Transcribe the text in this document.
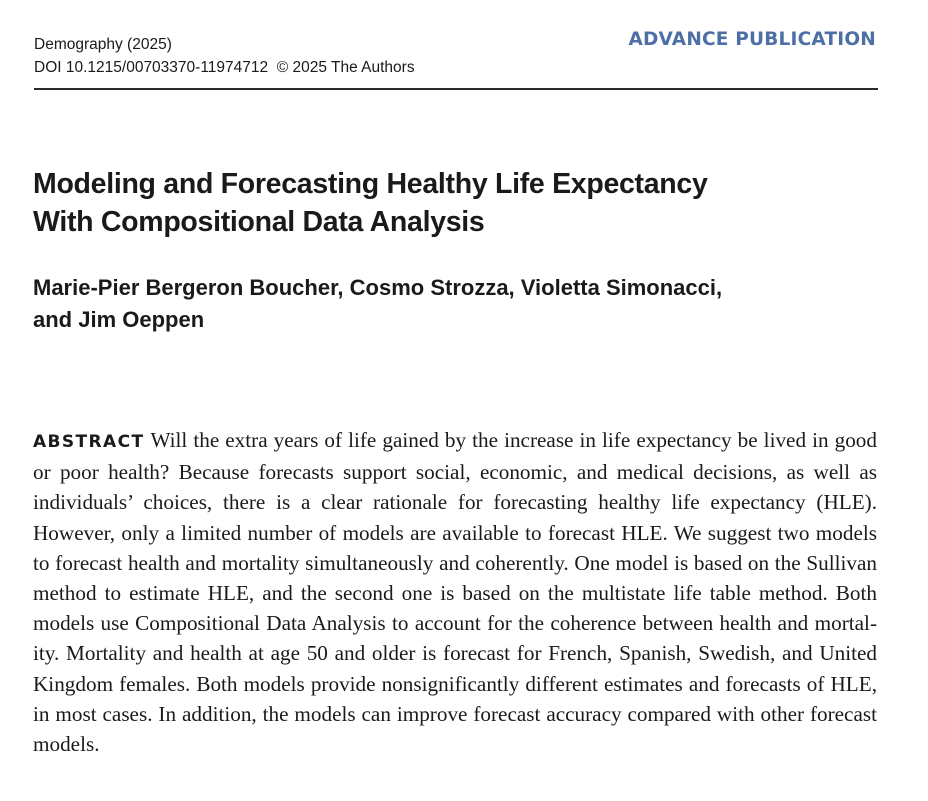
Demography (2025)
DOI 10.1215/00703370-11974712 © 2025 The Authors
ADVANCE PUBLICATION
Modeling and Forecasting Healthy Life Expectancy
With Compositional Data Analysis
Marie-Pier Bergeron Boucher, Cosmo Strozza, Violetta Simonacci,
and Jim Oeppen
ABSTRACT Will the extra years of life gained by the increase in life expectancy be lived in good or poor health? Because forecasts support social, economic, and medical decisions, as well as individuals’ choices, there is a clear rationale for forecasting healthy life expectancy (HLE). However, only a limited number of models are available to forecast HLE. We suggest two models to forecast health and mortality simultaneously and coherently. One model is based on the Sullivan method to estimate HLE, and the second one is based on the multistate life table method. Both models use Compositional Data Analysis to account for the coherence between health and mortality. Mortality and health at age 50 and older is forecast for French, Spanish, Swedish, and United Kingdom females. Both models provide nonsignificantly different estimates and forecasts of HLE, in most cases. In addition, the models can improve forecast accuracy compared with other forecast models.
